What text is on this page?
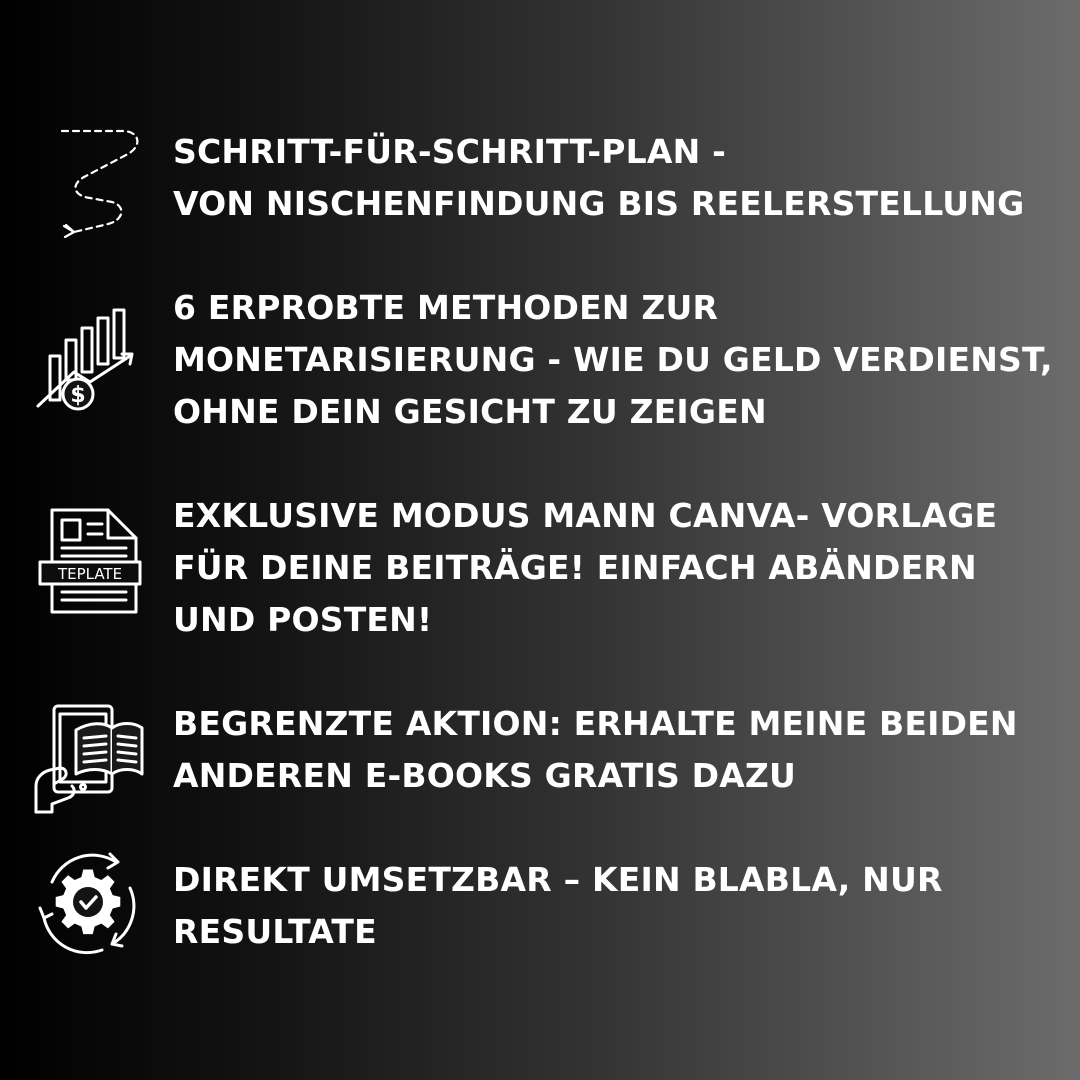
SCHRITT-FÜR-SCHRITT-PLAN -
VON NISCHENFINDUNG BIS REELERSTELLUNG

$

6 ERPROBTE METHODEN ZUR
MONETARISIERUNG - WIE DU GELD VERDIENST,
OHNE DEIN GESICHT ZU ZEIGEN

TEPLATE

EXKLUSIVE MODUS MANN CANVA- VORLAGE
FÜR DEINE BEITRÄGE! EINFACH ABÄNDERN
UND POSTEN!

BEGRENZTE AKTION: ERHALTE MEINE BEIDEN
ANDEREN E-BOOKS GRATIS DAZU

DIREKT UMSETZBAR – KEIN BLABLA, NUR
RESULTATE
